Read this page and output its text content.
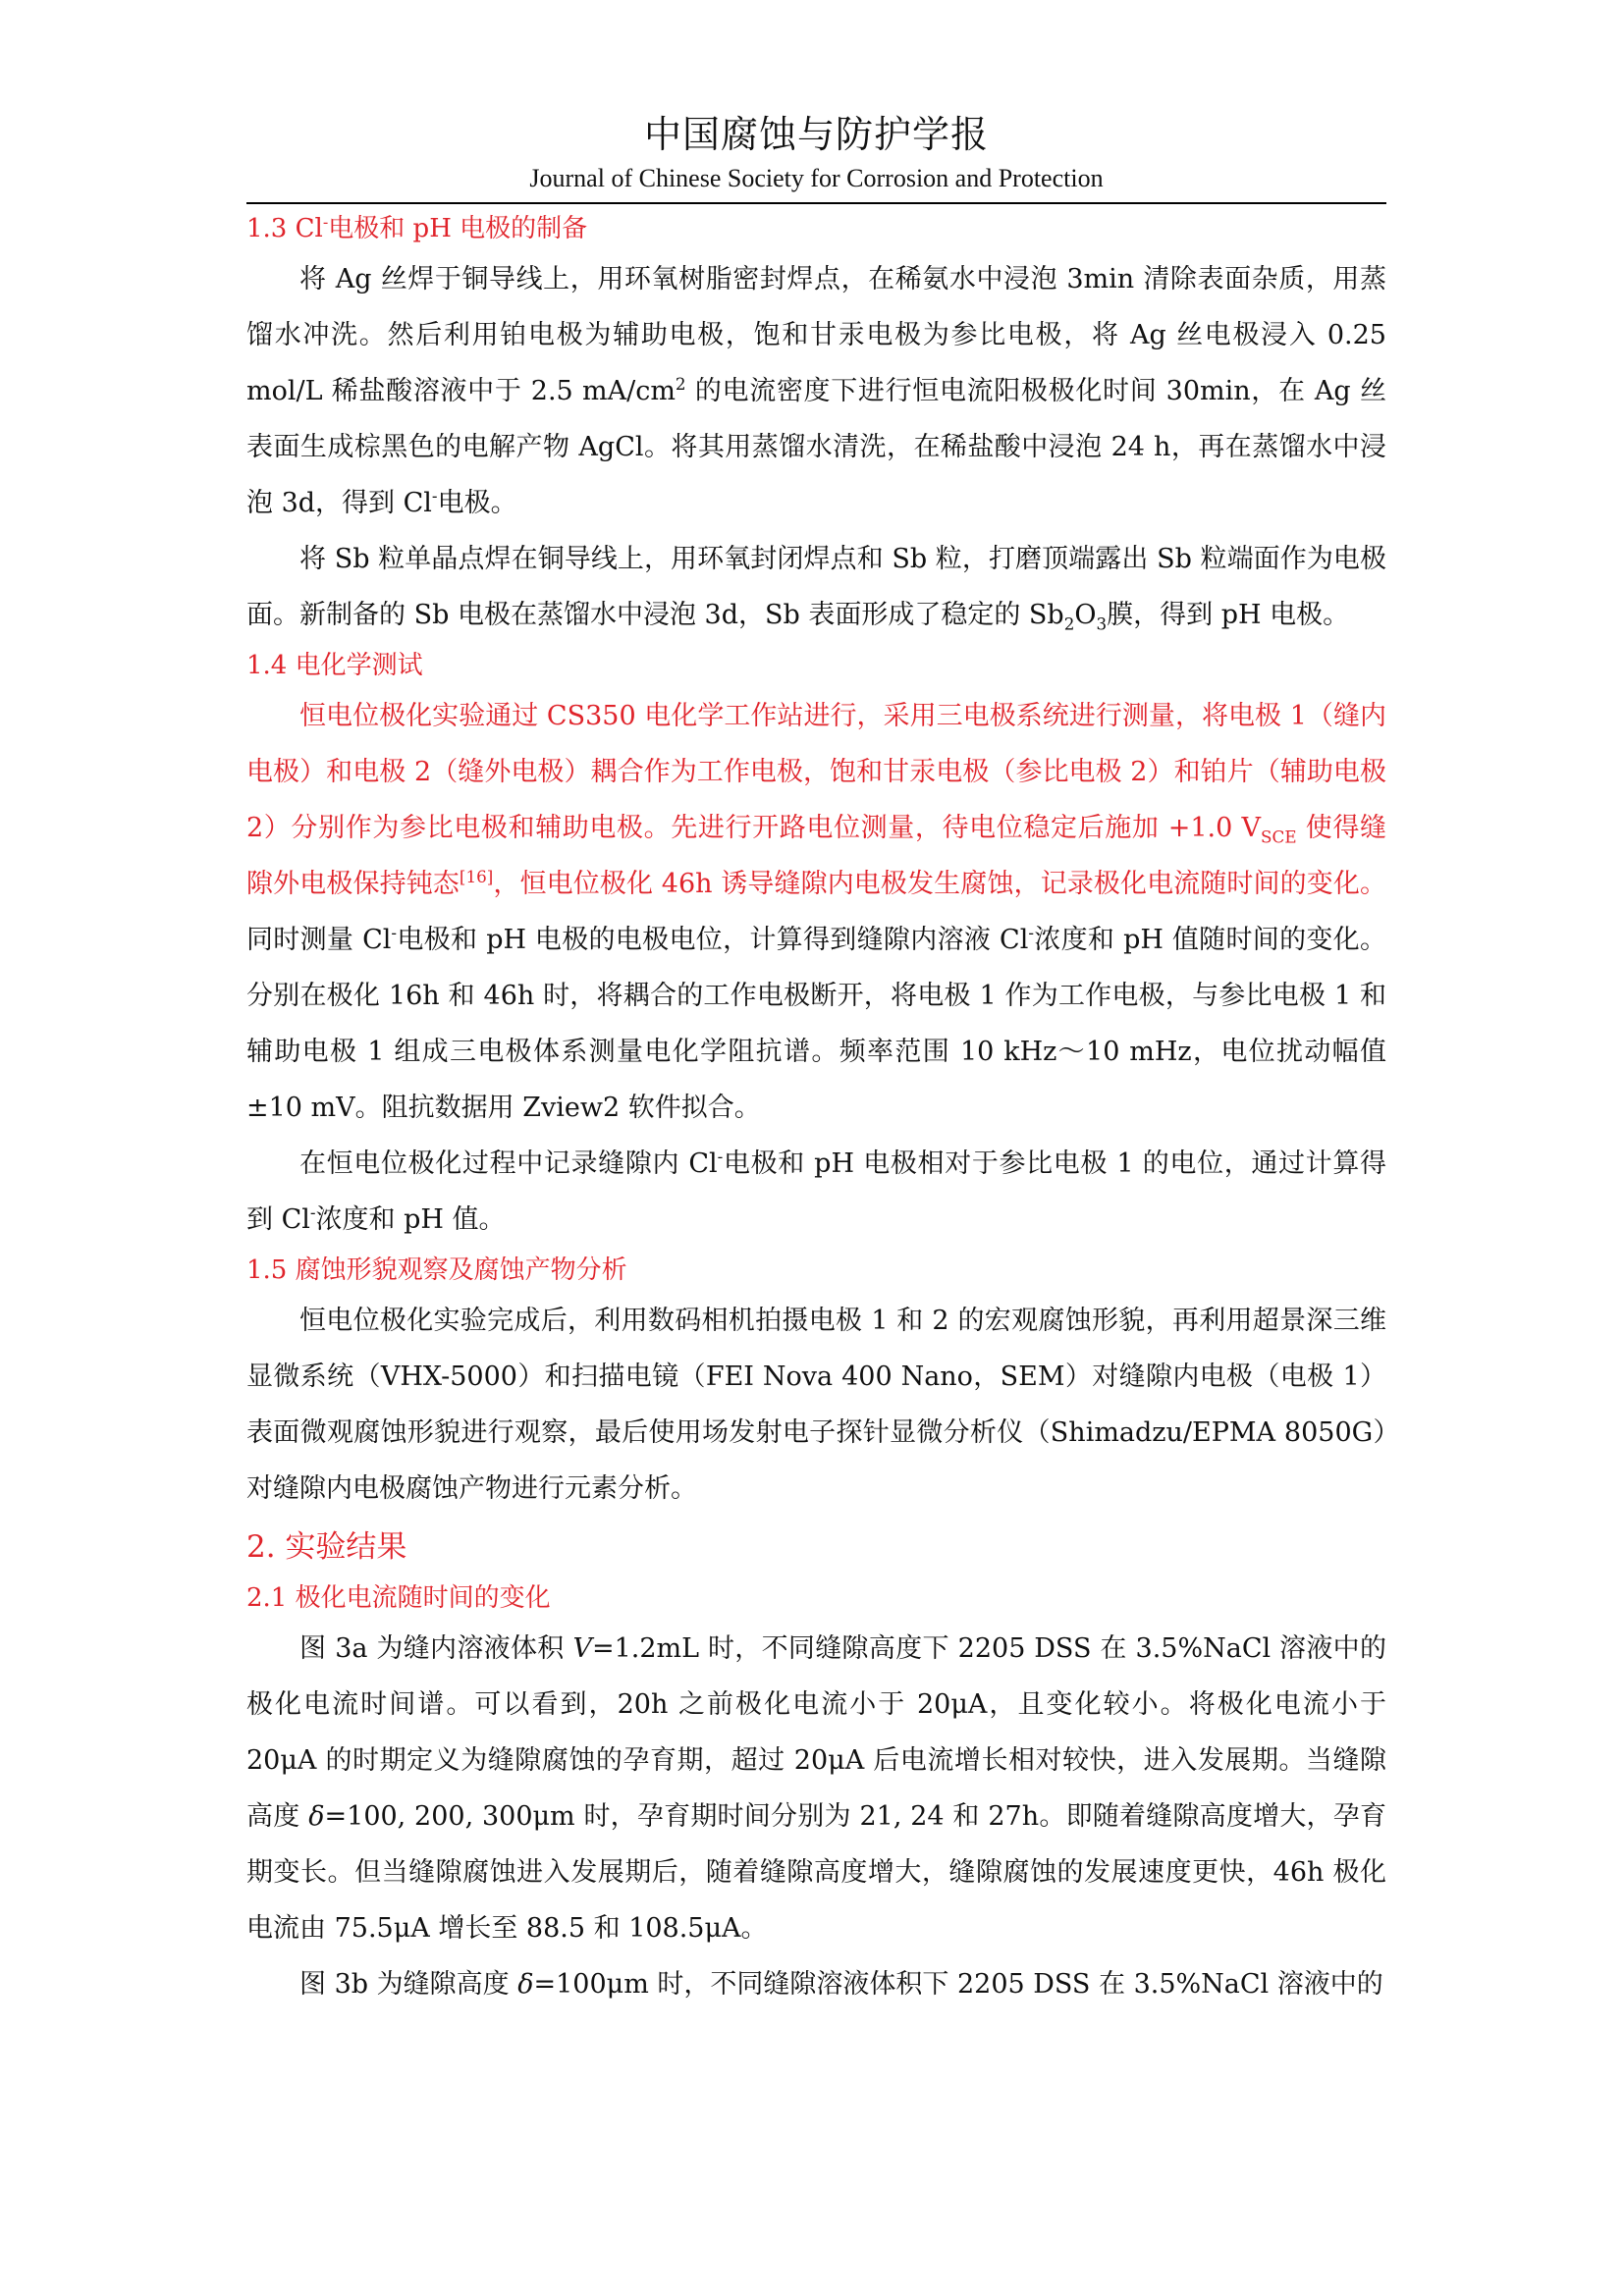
中国腐蚀与防护学报
Journal of Chinese Society for Corrosion and Protection

1.3 Cl-电极和 pH 电极的制备

将 Ag 丝焊于铜导线上，用环氧树脂密封焊点，在稀氨水中浸泡 3min 清除表面杂质，用蒸馏水冲洗。然后利用铂电极为辅助电极，饱和甘汞电极为参比电极，将 Ag 丝电极浸入 0.25 mol/L 稀盐酸溶液中于 2.5 $mA/cm^2$ 的电流密度下进行恒电流阳极极化时间 30min，在 Ag 丝表面生成棕黑色的电解产物 AgCl。将其用蒸馏水清洗，在稀盐酸中浸泡 24 h，再在蒸馏水中浸泡 3d，得到 Cl-电极。

将 Sb 粒单晶点焊在铜导线上，用环氧封闭焊点和 Sb 粒，打磨顶端露出 Sb 粒端面作为电极面。新制备的 Sb 电极在蒸馏水中浸泡 3d，Sb 表面形成了稳定的 $Sb_2O_3$膜，得到 pH 电极。

1.4 电化学测试

恒电位极化实验通过 CS350 电化学工作站进行，采用三电极系统进行测量，将电极 1（缝内电极）和电极 2（缝外电极）耦合作为工作电极，饱和甘汞电极（参比电极 2）和铂片（辅助电极 2）分别作为参比电极和辅助电极。先进行开路电位测量，待电位稳定后施加 +1.0 $V_{SCE}$ 使得缝隙外电极保持钝态[16]，恒电位极化 46h 诱导缝隙内电极发生腐蚀，记录极化电流随时间的变化。同时测量 Cl-电极和 pH 电极的电极电位，计算得到缝隙内溶液 Cl-浓度和 pH 值随时间的变化。分别在极化 16h 和 46h 时，将耦合的工作电极断开，将电极 1 作为工作电极，与参比电极 1 和辅助电极 1 组成三电极体系测量电化学阻抗谱。频率范围 10 kHz～10 mHz，电位扰动幅值±10 mV。阻抗数据用 Zview2 软件拟合。

在恒电位极化过程中记录缝隙内 Cl-电极和 pH 电极相对于参比电极 1 的电位，通过计算得到 Cl-浓度和 pH 值。

1.5 腐蚀形貌观察及腐蚀产物分析

恒电位极化实验完成后，利用数码相机拍摄电极 1 和 2 的宏观腐蚀形貌，再利用超景深三维显微系统（VHX-5000）和扫描电镜（FEI Nova 400 Nano，SEM）对缝隙内电极（电极 1）表面微观腐蚀形貌进行观察，最后使用场发射电子探针显微分析仪（Shimadzu/EPMA 8050G）对缝隙内电极腐蚀产物进行元素分析。

2. 实验结果

2.1 极化电流随时间的变化

图 3a 为缝内溶液体积 V=1.2mL 时，不同缝隙高度下 2205 DSS 在 3.5%NaCl 溶液中的极化电流时间谱。可以看到，20h 之前极化电流小于 20μA，且变化较小。将极化电流小于 20μA 的时期定义为缝隙腐蚀的孕育期，超过 20μA 后电流增长相对较快，进入发展期。当缝隙高度 δ=100, 200, 300μm 时，孕育期时间分别为 21, 24 和 27h。即随着缝隙高度增大，孕育期变长。但当缝隙腐蚀进入发展期后，随着缝隙高度增大，缝隙腐蚀的发展速度更快，46h 极化电流由 75.5μA 增长至 88.5 和 108.5μA。

图 3b 为缝隙高度 δ=100μm 时，不同缝隙溶液体积下 2205 DSS 在 3.5%NaCl 溶液中的
